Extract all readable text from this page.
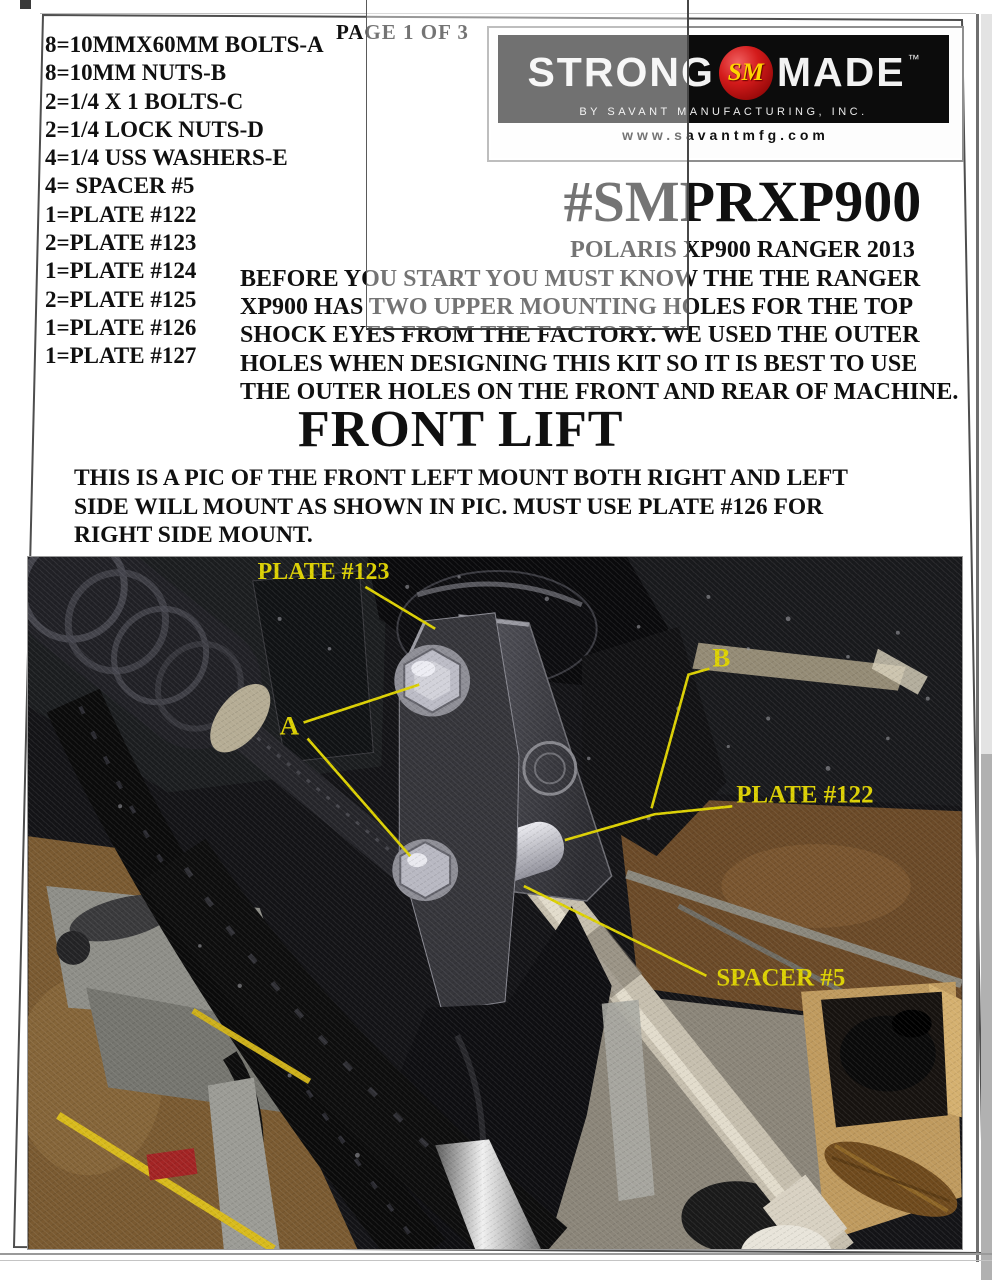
PAGE 1 OF 3
8=10MMX60MM BOLTS-A
8=10MM NUTS-B
2=1/4 X 1 BOLTS-C
2=1/4 LOCK NUTS-D
4=1/4 USS WASHERS-E
4= SPACER #5
1=PLATE #122
2=PLATE #123
1=PLATE #124
2=PLATE #125
1=PLATE #126
1=PLATE #127
STRONG SM MADE ™
BY SAVANT MANUFACTURING, INC.
www.savantmfg.com
#SMPRXP900
POLARIS XP900 RANGER 2013
BEFORE YOU START YOU MUST KNOW THE THE RANGER
XP900 HAS TWO UPPER MOUNTING HOLES FOR THE TOP
SHOCK EYES FROM THE FACTORY. WE USED THE OUTER
HOLES WHEN DESIGNING THIS KIT SO IT IS BEST TO USE
THE OUTER HOLES ON THE FRONT AND REAR OF MACHINE.
FRONT LIFT
THIS IS A PIC OF THE FRONT LEFT MOUNT BOTH RIGHT AND LEFT
SIDE WILL MOUNT AS SHOWN IN PIC. MUST USE PLATE #126 FOR
RIGHT SIDE MOUNT.
PLATE #123
A
B
PLATE #122
SPACER #5
